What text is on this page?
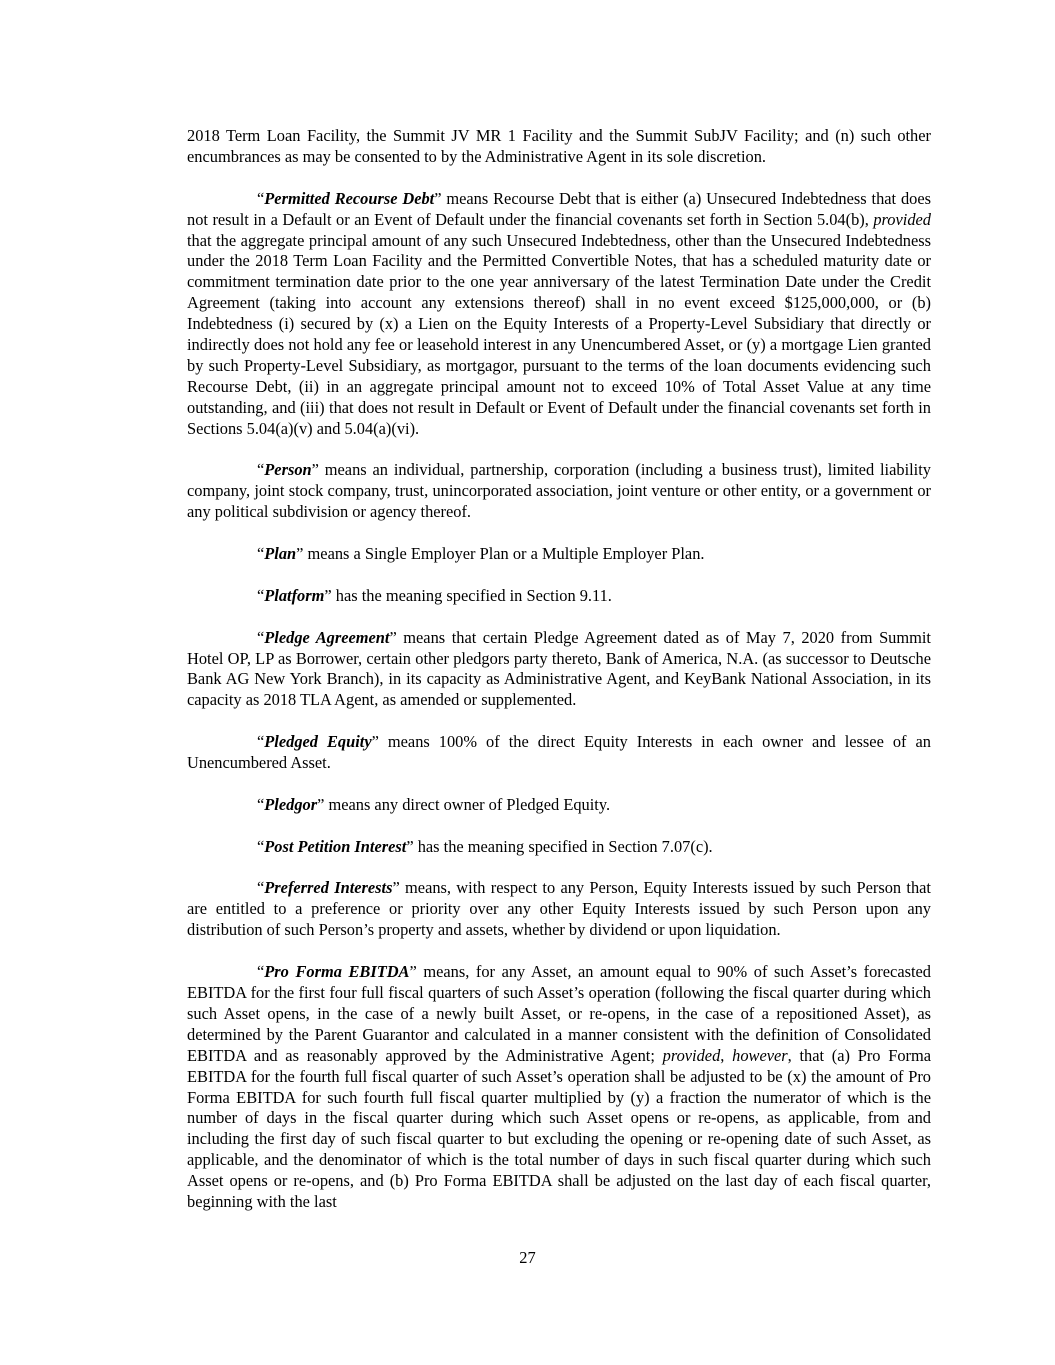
2018 Term Loan Facility, the Summit JV MR 1 Facility and the Summit SubJV Facility; and (n) such other encumbrances as may be consented to by the Administrative Agent in its sole discretion.

“Permitted Recourse Debt” means Recourse Debt that is either (a) Unsecured Indebtedness that does not result in a Default or an Event of Default under the financial covenants set forth in Section 5.04(b), provided that the aggregate principal amount of any such Unsecured Indebtedness, other than the Unsecured Indebtedness under the 2018 Term Loan Facility and the Permitted Convertible Notes, that has a scheduled maturity date or commitment termination date prior to the one year anniversary of the latest Termination Date under the Credit Agreement (taking into account any extensions thereof) shall in no event exceed $125,000,000, or (b) Indebtedness (i) secured by (x) a Lien on the Equity Interests of a Property-Level Subsidiary that directly or indirectly does not hold any fee or leasehold interest in any Unencumbered Asset, or (y) a mortgage Lien granted by such Property-Level Subsidiary, as mortgagor, pursuant to the terms of the loan documents evidencing such Recourse Debt, (ii) in an aggregate principal amount not to exceed 10% of Total Asset Value at any time outstanding, and (iii) that does not result in Default or Event of Default under the financial covenants set forth in Sections 5.04(a)(v) and 5.04(a)(vi).

“Person” means an individual, partnership, corporation (including a business trust), limited liability company, joint stock company, trust, unincorporated association, joint venture or other entity, or a government or any political subdivision or agency thereof.

“Plan” means a Single Employer Plan or a Multiple Employer Plan.

“Platform” has the meaning specified in Section 9.11.

“Pledge Agreement” means that certain Pledge Agreement dated as of May 7, 2020 from Summit Hotel OP, LP as Borrower, certain other pledgors party thereto, Bank of America, N.A. (as successor to Deutsche Bank AG New York Branch), in its capacity as Administrative Agent, and KeyBank National Association, in its capacity as 2018 TLA Agent, as amended or supplemented.

“Pledged Equity” means 100% of the direct Equity Interests in each owner and lessee of an Unencumbered Asset.

“Pledgor” means any direct owner of Pledged Equity.

“Post Petition Interest” has the meaning specified in Section 7.07(c).

“Preferred Interests” means, with respect to any Person, Equity Interests issued by such Person that are entitled to a preference or priority over any other Equity Interests issued by such Person upon any distribution of such Person’s property and assets, whether by dividend or upon liquidation.

“Pro Forma EBITDA” means, for any Asset, an amount equal to 90% of such Asset’s forecasted EBITDA for the first four full fiscal quarters of such Asset’s operation (following the fiscal quarter during which such Asset opens, in the case of a newly built Asset, or re-opens, in the case of a repositioned Asset), as determined by the Parent Guarantor and calculated in a manner consistent with the definition of Consolidated EBITDA and as reasonably approved by the Administrative Agent; provided, however, that (a) Pro Forma EBITDA for the fourth full fiscal quarter of such Asset’s operation shall be adjusted to be (x) the amount of Pro Forma EBITDA for such fourth full fiscal quarter multiplied by (y) a fraction the numerator of which is the number of days in the fiscal quarter during which such Asset opens or re-opens, as applicable, from and including the first day of such fiscal quarter to but excluding the opening or re-opening date of such Asset, as applicable, and the denominator of which is the total number of days in such fiscal quarter during which such Asset opens or re-opens, and (b) Pro Forma EBITDA shall be adjusted on the last day of each fiscal quarter, beginning with the last

27
